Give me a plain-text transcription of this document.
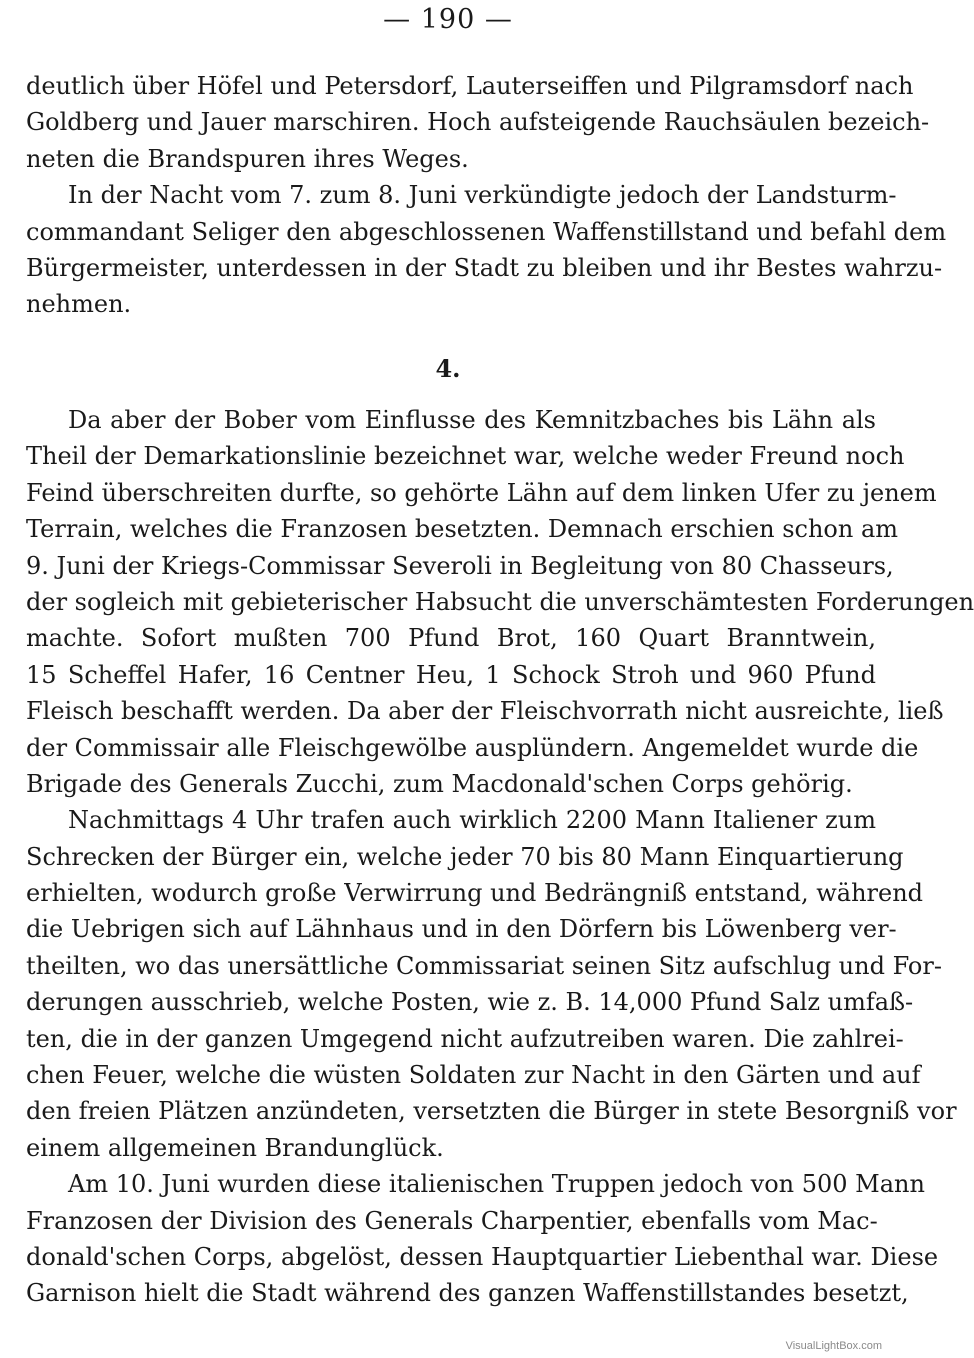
— 190 —
deutlich über Höfel und Petersdorf, Lauterseiffen und Pilgramsdorf nach
Goldberg und Jauer marschiren. Hoch aufsteigende Rauchsäulen bezeich-
neten die Brandspuren ihres Weges.
In der Nacht vom 7. zum 8. Juni verkündigte jedoch der Landsturm-
commandant Seliger den abgeschlossenen Waffenstillstand und befahl dem
Bürgermeister, unterdessen in der Stadt zu bleiben und ihr Bestes wahrzu-
nehmen.
4.
Da aber der Bober vom Einflusse des Kemnitzbaches bis Lähn als
Theil der Demarkationslinie bezeichnet war, welche weder Freund noch
Feind überschreiten durfte, so gehörte Lähn auf dem linken Ufer zu jenem
Terrain, welches die Franzosen besetzten. Demnach erschien schon am
9. Juni der Kriegs-Commissar Severoli in Begleitung von 80 Chasseurs,
der sogleich mit gebieterischer Habsucht die unverschämtesten Forderungen
machte. Sofort mußten 700 Pfund Brot, 160 Quart Branntwein,
15 Scheffel Hafer, 16 Centner Heu, 1 Schock Stroh und 960 Pfund
Fleisch beschafft werden. Da aber der Fleischvorrath nicht ausreichte, ließ
der Commissair alle Fleischgewölbe ausplündern. Angemeldet wurde die
Brigade des Generals Zucchi, zum Macdonald'schen Corps gehörig.
Nachmittags 4 Uhr trafen auch wirklich 2200 Mann Italiener zum
Schrecken der Bürger ein, welche jeder 70 bis 80 Mann Einquartierung
erhielten, wodurch große Verwirrung und Bedrängniß entstand, während
die Uebrigen sich auf Lähnhaus und in den Dörfern bis Löwenberg ver-
theilten, wo das unersättliche Commissariat seinen Sitz aufschlug und For-
derungen ausschrieb, welche Posten, wie z. B. 14,000 Pfund Salz umfaß-
ten, die in der ganzen Umgegend nicht aufzutreiben waren. Die zahlrei-
chen Feuer, welche die wüsten Soldaten zur Nacht in den Gärten und auf
den freien Plätzen anzündeten, versetzten die Bürger in stete Besorgniß vor
einem allgemeinen Brandunglück.
Am 10. Juni wurden diese italienischen Truppen jedoch von 500 Mann
Franzosen der Division des Generals Charpentier, ebenfalls vom Mac-
donald'schen Corps, abgelöst, dessen Hauptquartier Liebenthal war. Diese
Garnison hielt die Stadt während des ganzen Waffenstillstandes besetzt,
VisualLightBox.com
